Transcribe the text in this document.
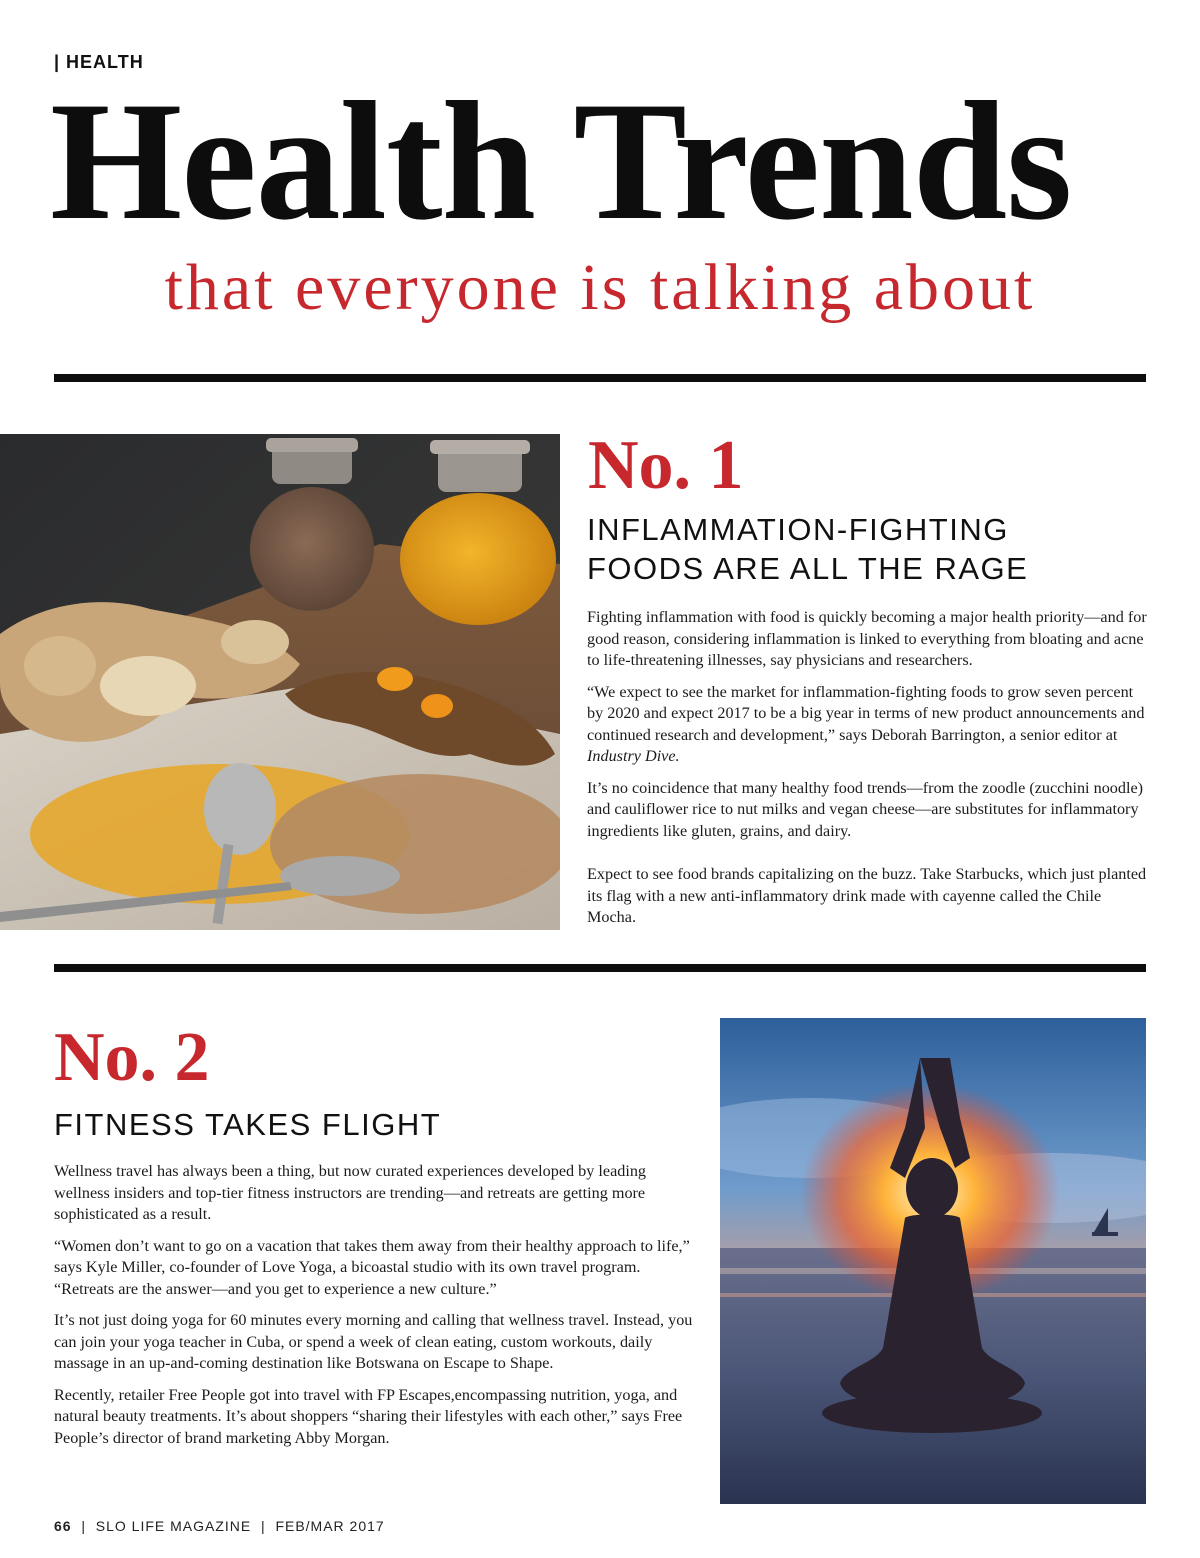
| HEALTH
Health Trends
that everyone is talking about
No. 1
INFLAMMATION-FIGHTING
FOODS ARE ALL THE RAGE

Fighting inflammation with food is quickly becoming a major health priority—and for good reason, considering inflammation is linked to everything from bloating and acne to life-threatening illnesses, say physicians and researchers.

“We expect to see the market for inflammation-fighting foods to grow seven percent by 2020 and expect 2017 to be a big year in terms of new product announcements and continued research and development,” says Deborah Barrington, a senior editor at Industry Dive.

It’s no coincidence that many healthy food trends—from the zoodle (zucchini noodle) and cauliflower rice to nut milks and vegan cheese—are substitutes for inflammatory ingredients like gluten, grains, and dairy.

Expect to see food brands capitalizing on the buzz. Take Starbucks, which just planted its flag with a new anti-inflammatory drink made with cayenne called the Chile Mocha.

No. 2
FITNESS TAKES FLIGHT

Wellness travel has always been a thing, but now curated experiences developed by leading wellness insiders and top-tier fitness instructors are trending—and retreats are getting more sophisticated as a result.

“Women don’t want to go on a vacation that takes them away from their healthy approach to life,” says Kyle Miller, co-founder of Love Yoga, a bicoastal studio with its own travel program. “Retreats are the answer—and you get to experience a new culture.”

It’s not just doing yoga for 60 minutes every morning and calling that wellness travel. Instead, you can join your yoga teacher in Cuba, or spend a week of clean eating, custom workouts, daily massage in an up-and-coming destination like Botswana on Escape to Shape.

Recently, retailer Free People got into travel with FP Escapes,encompassing nutrition, yoga, and natural beauty treatments. It’s about shoppers “sharing their lifestyles with each other,” says Free People’s director of brand marketing Abby Morgan.

66  |  SLO LIFE MAGAZINE  |  FEB/MAR 2017
